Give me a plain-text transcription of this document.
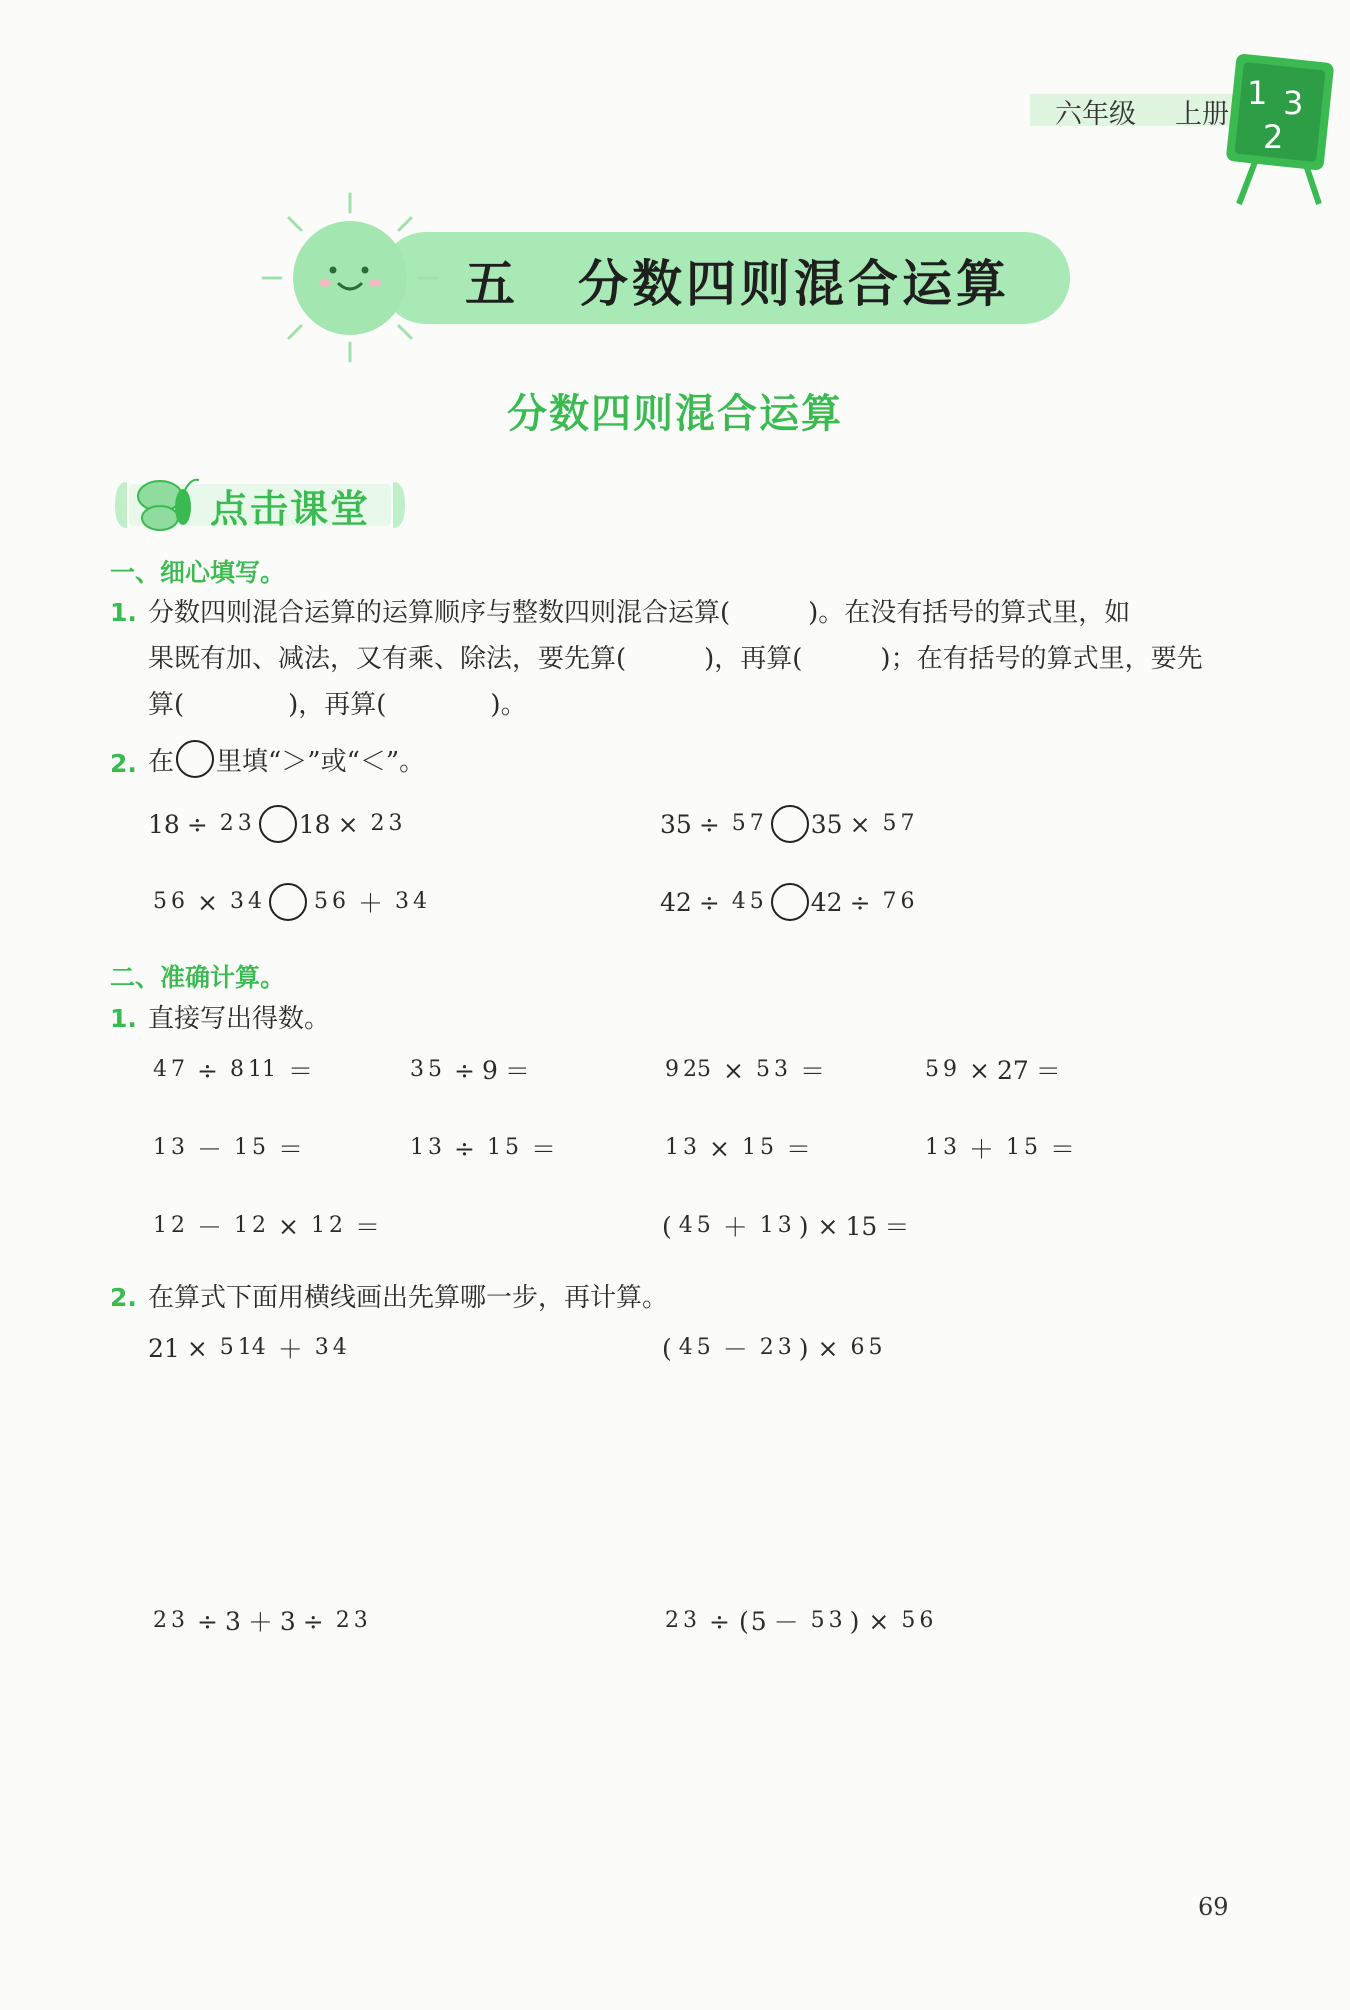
六年级 上册
1 3
2
五 分数四则混合运算
分数四则混合运算
点击课堂
一、细心填写。
1. 分数四则混合运算的运算顺序与整数四则混合运算(　　　)。在没有括号的算式里，如
果既有加、减法，又有乘、除法，要先算(　　　)，再算(　　　)；在有括号的算式里，要先
算(　　　　)，再算(　　　　)。
2. 在 里填“＞”或“＜”。
18 ÷ 2 3 18 × 2 3	35 ÷ 5 7 35 × 5 7
5 6 × 3 4 5 6 ＋ 3 4	42 ÷ 4 5 42 ÷ 7 6
二、准确计算。
1. 直接写出得数。
4 7 ÷ 8 11 ＝	3 5 ÷ 9 ＝	9 25 × 5 3 ＝	5 9 × 27 ＝
1 3 － 1 5 ＝	1 3 ÷ 1 5 ＝	1 3 × 1 5 ＝	1 3 ＋ 1 5 ＝
1 2 － 1 2 × 1 2 ＝	( 4 5 ＋ 1 3 ) × 15 ＝
2. 在算式下面用横线画出先算哪一步，再计算。
21 × 5 14 ＋ 3 4	( 4 5 － 2 3 ) × 6 5
2 3 ÷ 3 ＋ 3 ÷ 2 3	2 3 ÷ ( 5 － 5 3 ) × 5 6
69
